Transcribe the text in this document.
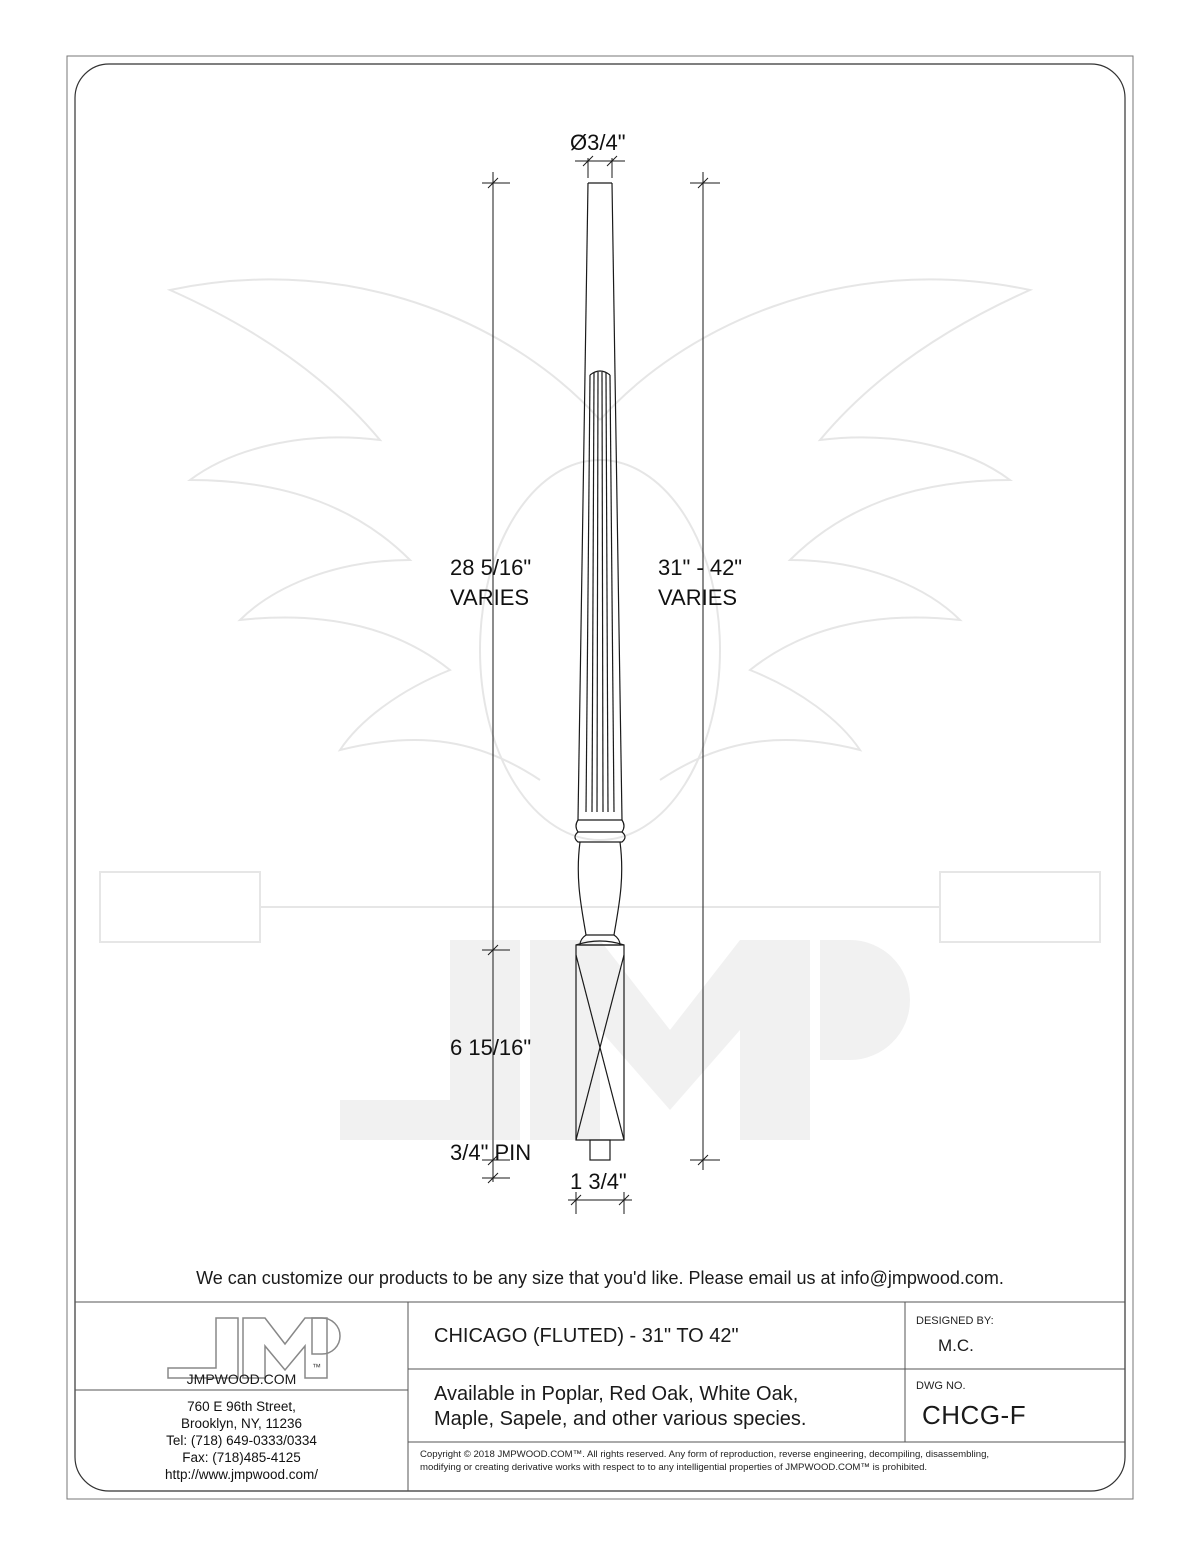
Ø3/4"
28 5/16"
VARIES
31" - 42"
VARIES
6 15/16"
3/4" PIN
1 3/4"
We can customize our products to be any size that you'd like. Please email us at info@jmpwood.com.
™
JMPWOOD.COM
760 E 96th Street,
Brooklyn, NY, 11236
Tel: (718) 649-0333/0334
Fax: (718)485-4125
http://www.jmpwood.com/
CHICAGO (FLUTED) - 31" TO 42"
DESIGNED BY:
M.C.
Available in Poplar, Red Oak, White Oak,
Maple, Sapele, and other various species.
DWG NO.
CHCG-F
Copyright © 2018 JMPWOOD.COM™. All rights reserved. Any form of reproduction, reverse engineering, decompiling, disassembling,
modifying or creating derivative works with respect to to any intelligential properties of JMPWOOD.COM™ is prohibited.
